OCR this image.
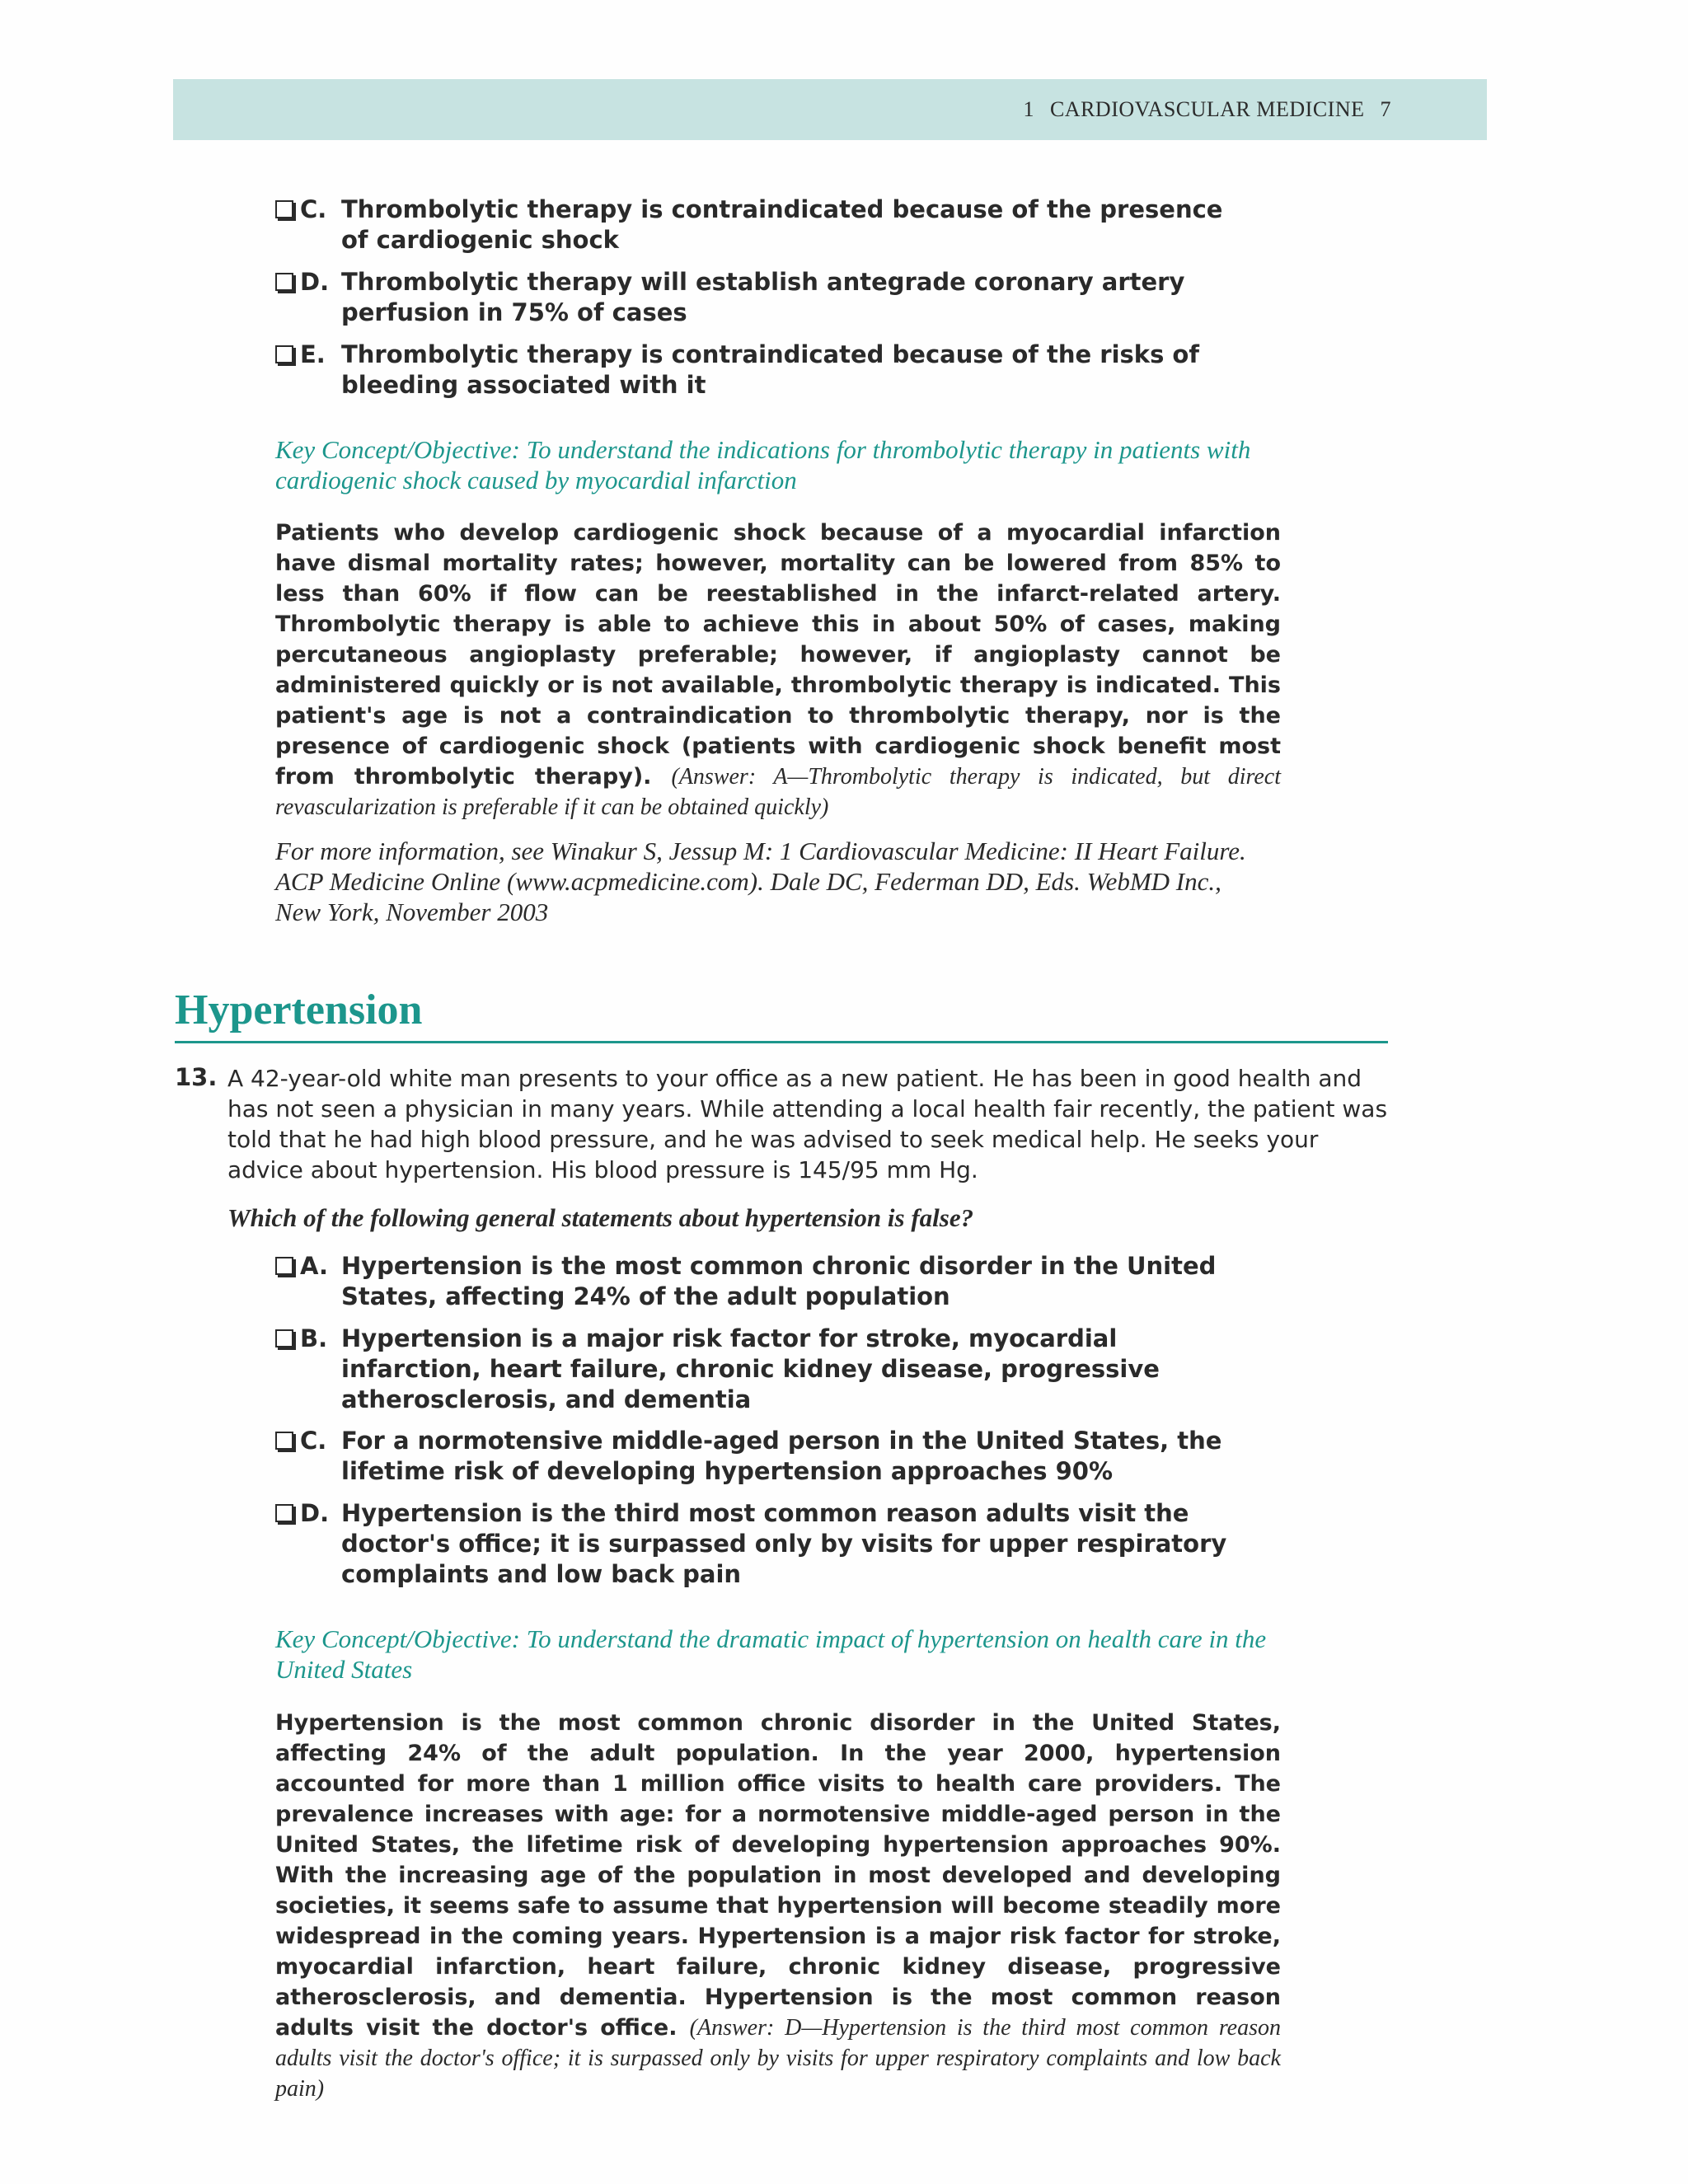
1 CARDIOVASCULAR MEDICINE 7
C. Thrombolytic therapy is contraindicated because of the presence of cardiogenic shock
D. Thrombolytic therapy will establish antegrade coronary artery perfusion in 75% of cases
E. Thrombolytic therapy is contraindicated because of the risks of bleeding associated with it
Key Concept/Objective: To understand the indications for thrombolytic therapy in patients with cardiogenic shock caused by myocardial infarction
Patients who develop cardiogenic shock because of a myocardial infarction have dismal mortality rates; however, mortality can be lowered from 85% to less than 60% if flow can be reestablished in the infarct-related artery. Thrombolytic therapy is able to achieve this in about 50% of cases, making percutaneous angioplasty preferable; however, if angioplasty cannot be administered quickly or is not available, thrombolytic therapy is indicated. This patient's age is not a contraindication to thrombolytic therapy, nor is the presence of cardiogenic shock (patients with cardiogenic shock benefit most from thrombolytic therapy). (Answer: A—Thrombolytic therapy is indicated, but direct revascularization is preferable if it can be obtained quickly)
For more information, see Winakur S, Jessup M: 1 Cardiovascular Medicine: II Heart Failure.
ACP Medicine Online (www.acpmedicine.com). Dale DC, Federman DD, Eds. WebMD Inc.,
New York, November 2003
Hypertension
13. A 42-year-old white man presents to your office as a new patient. He has been in good health and has not seen a physician in many years. While attending a local health fair recently, the patient was told that he had high blood pressure, and he was advised to seek medical help. He seeks your advice about hypertension. His blood pressure is 145/95 mm Hg.
Which of the following general statements about hypertension is false?
A. Hypertension is the most common chronic disorder in the United States, affecting 24% of the adult population
B. Hypertension is a major risk factor for stroke, myocardial infarction, heart failure, chronic kidney disease, progressive atherosclerosis, and dementia
C. For a normotensive middle-aged person in the United States, the lifetime risk of developing hypertension approaches 90%
D. Hypertension is the third most common reason adults visit the doctor's office; it is surpassed only by visits for upper respiratory complaints and low back pain
Key Concept/Objective: To understand the dramatic impact of hypertension on health care in the United States
Hypertension is the most common chronic disorder in the United States, affecting 24% of the adult population. In the year 2000, hypertension accounted for more than 1 million office visits to health care providers. The prevalence increases with age: for a normotensive middle-aged person in the United States, the lifetime risk of developing hypertension approaches 90%. With the increasing age of the population in most developed and developing societies, it seems safe to assume that hypertension will become steadily more widespread in the coming years. Hypertension is a major risk factor for stroke, myocardial infarction, heart failure, chronic kidney disease, progressive atherosclerosis, and dementia. Hypertension is the most common reason adults visit the doctor's office. (Answer: D—Hypertension is the third most common reason adults visit the doctor's office; it is surpassed only by visits for upper respiratory complaints and low back pain)
